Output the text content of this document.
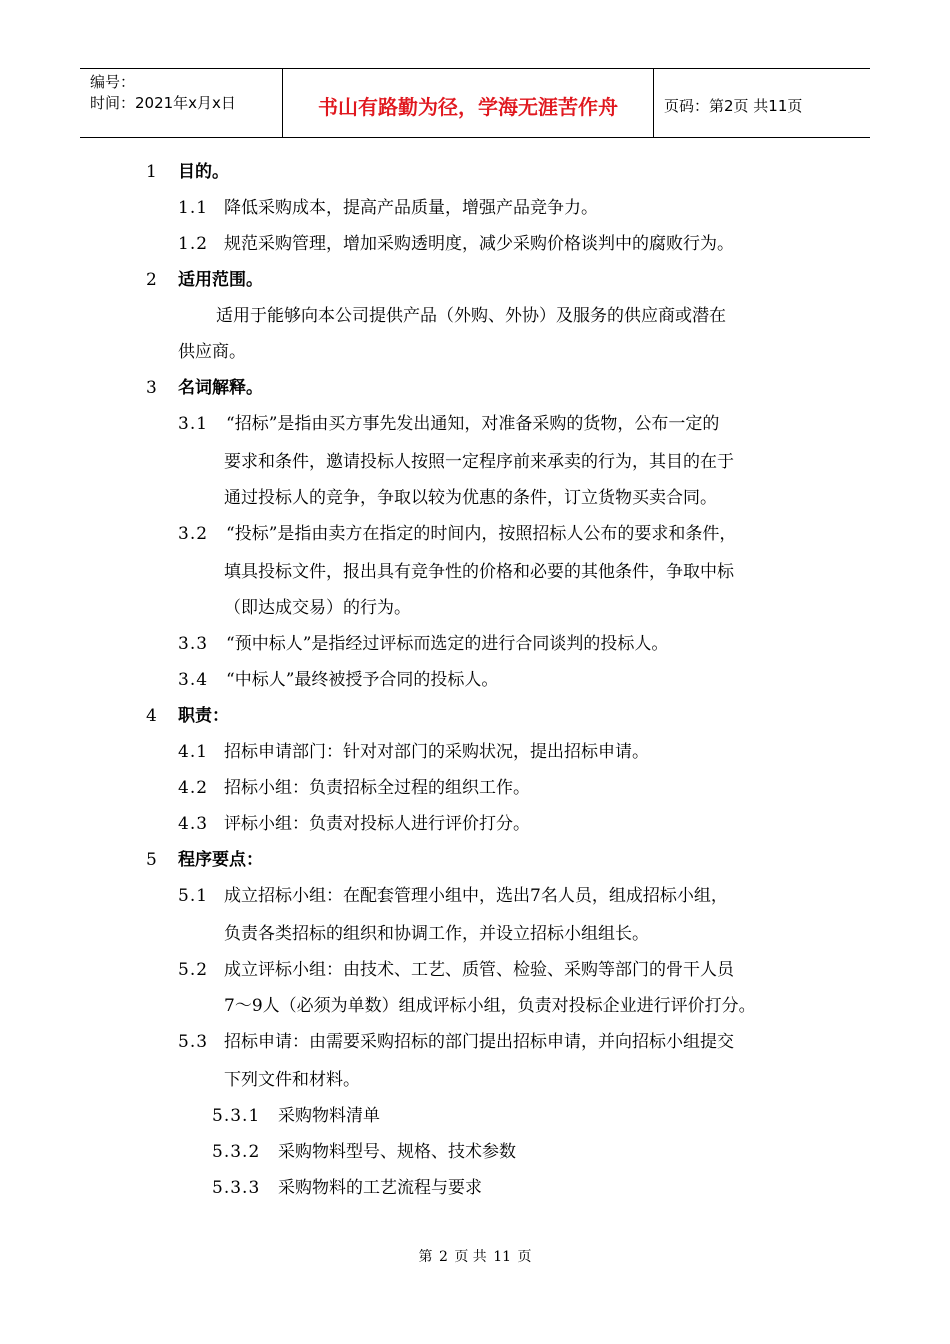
编号：
时间：2021年x月x日	书山有路勤为径，学海无涯苦作舟	页码：第2页 共11页
1 目的。
1.1 降低采购成本，提高产品质量，增强产品竞争力。
1.2 规范采购管理，增加采购透明度，减少采购价格谈判中的腐败行为。
2 适用范围。
适用于能够向本公司提供产品（外购、外协）及服务的供应商或潜在
供应商。
3 名词解释。
3.1 “招标”是指由买方事先发出通知，对准备采购的货物，公布一定的
要求和条件，邀请投标人按照一定程序前来承卖的行为，其目的在于
通过投标人的竞争，争取以较为优惠的条件，订立货物买卖合同。
3.2 “投标”是指由卖方在指定的时间内，按照招标人公布的要求和条件，
填具投标文件，报出具有竞争性的价格和必要的其他条件，争取中标
（即达成交易）的行为。
3.3 “预中标人”是指经过评标而选定的进行合同谈判的投标人。
3.4 “中标人”最终被授予合同的投标人。
4 职责：
4.1 招标申请部门：针对对部门的采购状况，提出招标申请。
4.2 招标小组：负责招标全过程的组织工作。
4.3 评标小组：负责对投标人进行评价打分。
5 程序要点：
5.1 成立招标小组：在配套管理小组中，选出7名人员，组成招标小组，
负责各类招标的组织和协调工作，并设立招标小组组长。
5.2 成立评标小组：由技术、工艺、质管、检验、采购等部门的骨干人员
7～9人（必须为单数）组成评标小组，负责对投标企业进行评价打分。
5.3 招标申请：由需要采购招标的部门提出招标申请，并向招标小组提交
下列文件和材料。
5.3.1 采购物料清单
5.3.2 采购物料型号、规格、技术参数
5.3.3 采购物料的工艺流程与要求
第 2 页 共 11 页
